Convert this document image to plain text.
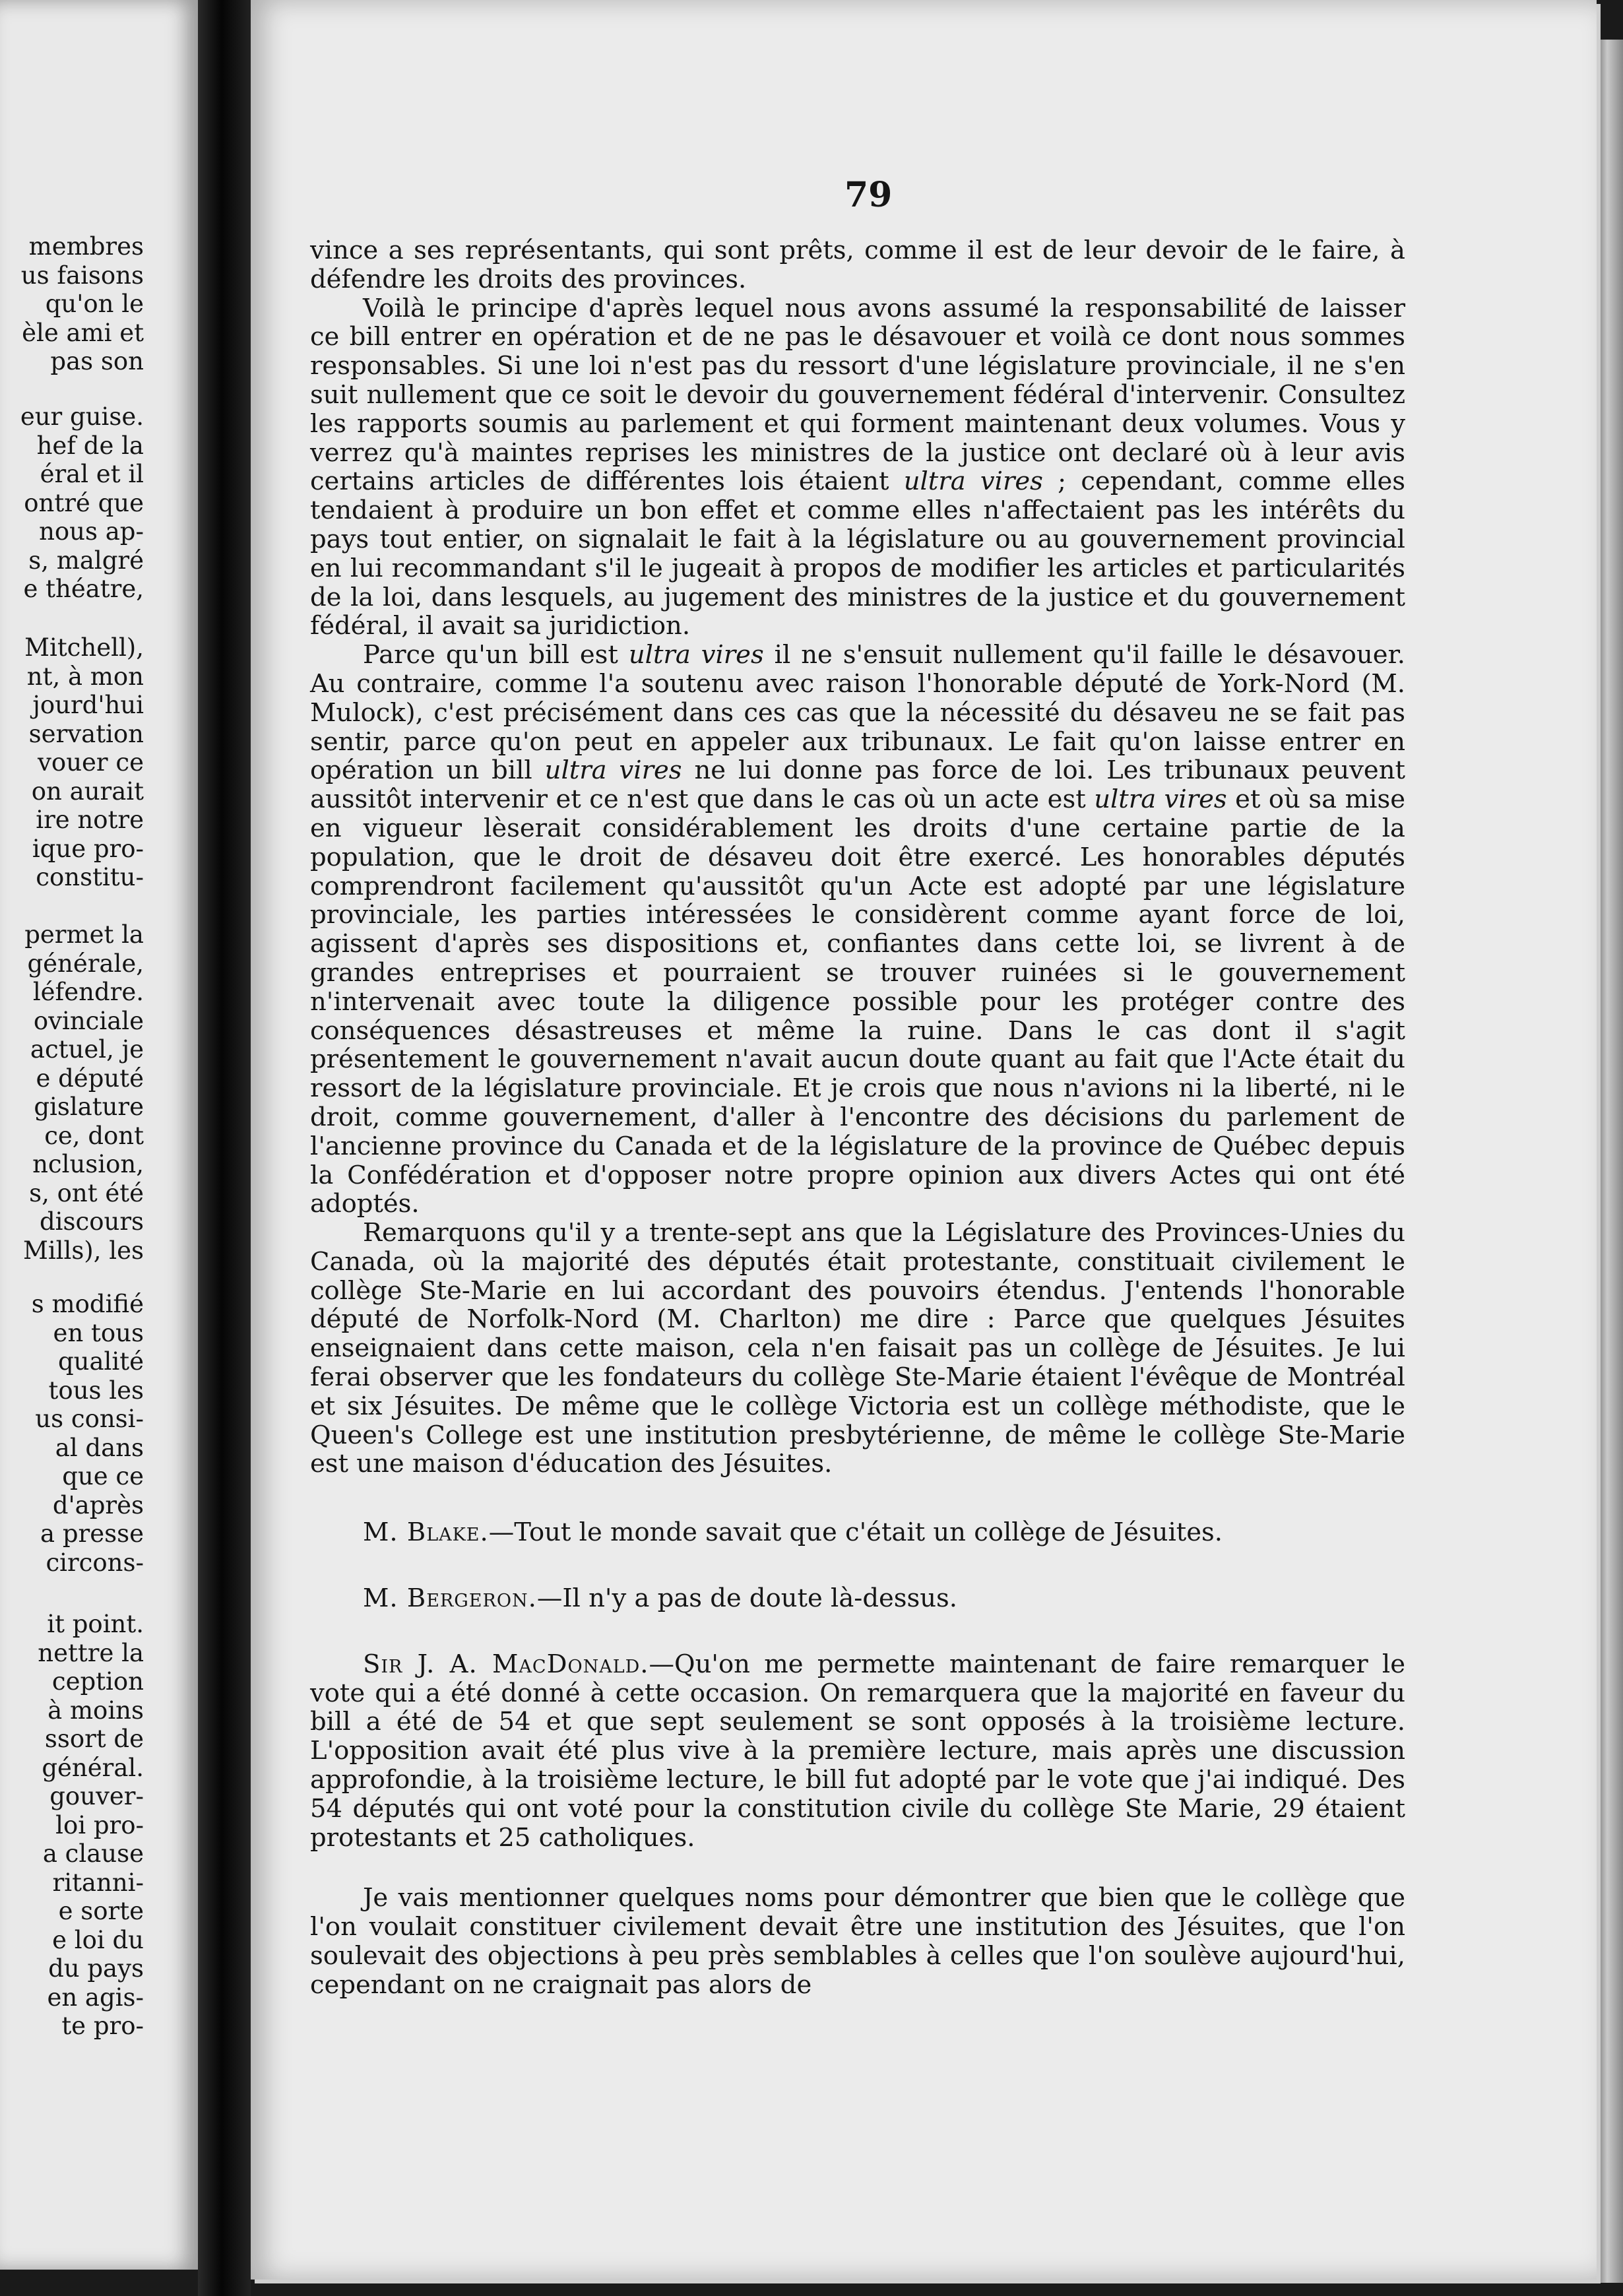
membres
us faisons
qu'on le
èle ami et
pas son
eur guise.
hef de la
éral et il
ontré que
nous ap-
s, malgré
e théatre,
Mitchell),
nt, à mon
jourd'hui
servation
vouer ce
on aurait
ire notre
ique pro-
constitu-
permet la
générale,
léfendre.
ovinciale
actuel, je
e député
gislature
ce, dont
nclusion,
s, ont été
discours
Mills), les
s modifié
en tous
qualité
tous les
us consi-
al dans
que ce
d'après
a presse
circons-
it point.
nettre la
ception
à moins
ssort de
général.
gouver-
loi pro-
a clause
ritanni-
e sorte
e loi du
du pays
en agis-
te pro-
79

vince a ses représentants, qui sont prêts, comme il est de leur devoir de le faire, à défendre les droits des provinces.

Voilà le principe d'après lequel nous avons assumé la responsabilité de laisser ce bill entrer en opération et de ne pas le désavouer et voilà ce dont nous sommes responsables. Si une loi n'est pas du ressort d'une législature provinciale, il ne s'en suit nullement que ce soit le devoir du gouvernement fédéral d'intervenir. Consultez les rapports soumis au parlement et qui forment maintenant deux volumes. Vous y verrez qu'à maintes reprises les ministres de la justice ont declaré où à leur avis certains articles de différentes lois étaient ultra vires ; cependant, comme elles tendaient à produire un bon effet et comme elles n'affectaient pas les intérêts du pays tout entier, on signalait le fait à la législature ou au gouvernement provincial en lui recommandant s'il le jugeait à propos de modifier les articles et particularités de la loi, dans lesquels, au jugement des ministres de la justice et du gouvernement fédéral, il avait sa juridiction.

Parce qu'un bill est ultra vires il ne s'ensuit nullement qu'il faille le désavouer. Au contraire, comme l'a soutenu avec raison l'honorable député de York-Nord (M. Mulock), c'est précisément dans ces cas que la nécessité du désaveu ne se fait pas sentir, parce qu'on peut en appeler aux tribunaux. Le fait qu'on laisse entrer en opération un bill ultra vires ne lui donne pas force de loi. Les tribunaux peuvent aussitôt intervenir et ce n'est que dans le cas où un acte est ultra vires et où sa mise en vigueur lèserait considérablement les droits d'une certaine partie de la population, que le droit de désaveu doit être exercé. Les honorables députés comprendront facilement qu'aussitôt qu'un Acte est adopté par une législature provinciale, les parties intéressées le considèrent comme ayant force de loi, agissent d'après ses dispositions et, confiantes dans cette loi, se livrent à de grandes entreprises et pourraient se trouver ruinées si le gouvernement n'intervenait avec toute la diligence possible pour les protéger contre des conséquences désastreuses et même la ruine. Dans le cas dont il s'agit présentement le gouvernement n'avait aucun doute quant au fait que l'Acte était du ressort de la législature provinciale. Et je crois que nous n'avions ni la liberté, ni le droit, comme gouvernement, d'aller à l'encontre des décisions du parlement de l'ancienne province du Canada et de la législature de la province de Québec depuis la Confédération et d'opposer notre propre opinion aux divers Actes qui ont été adoptés.

Remarquons qu'il y a trente-sept ans que la Législature des Provinces-Unies du Canada, où la majorité des députés était protestante, constituait civilement le collège Ste-Marie en lui accordant des pouvoirs étendus. J'entends l'honorable député de Norfolk-Nord (M. Charlton) me dire : Parce que quelques Jésuites enseignaient dans cette maison, cela n'en faisait pas un collège de Jésuites. Je lui ferai observer que les fondateurs du collège Ste-Marie étaient l'évêque de Montréal et six Jésuites. De même que le collège Victoria est un collège méthodiste, que le Queen's College est une institution presbytérienne, de même le collège Ste-Marie est une maison d'éducation des Jésuites.

M. Blake.—Tout le monde savait que c'était un collège de Jésuites.

M. Bergeron.—Il n'y a pas de doute là-dessus.

Sir J. A. MacDonald.—Qu'on me permette maintenant de faire remarquer le vote qui a été donné à cette occasion. On remarquera que la majorité en faveur du bill a été de 54 et que sept seulement se sont opposés à la troisième lecture. L'opposition avait été plus vive à la première lecture, mais après une discussion approfondie, à la troisième lecture, le bill fut adopté par le vote que j'ai indiqué. Des 54 députés qui ont voté pour la constitution civile du collège Ste Marie, 29 étaient protestants et 25 catholiques.

Je vais mentionner quelques noms pour démontrer que bien que le collège que l'on voulait constituer civilement devait être une institution des Jésuites, que l'on soulevait des objections à peu près semblables à celles que l'on soulève aujourd'hui, cependant on ne craignait pas alors de
